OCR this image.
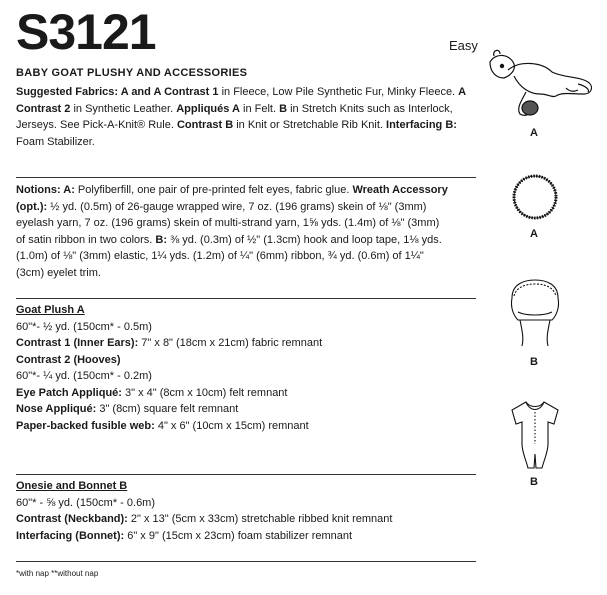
S3121	Easy
BABY GOAT PLUSHY AND ACCESSORIES
Suggested Fabrics: A and A Contrast 1 in Fleece, Low Pile Synthetic Fur, Minky Fleece. A
Contrast 2 in Synthetic Leather. Appliqués A in Felt. B in Stretch Knits such as Interlock,
Jerseys. See Pick-A-Knit® Rule. Contrast B in Knit or Stretchable Rib Knit. Interfacing B:
Foam Stabilizer.
Notions: A: Polyfiberfill, one pair of pre-printed felt eyes, fabric glue. Wreath Accessory
(opt.): ½ yd. (0.5m) of 26-gauge wrapped wire, 7 oz. (196 grams) skein of ⅛" (3mm)
eyelash yarn, 7 oz. (196 grams) skein of multi-strand yarn, 1⅝ yds. (1.4m) of ⅛" (3mm)
of satin ribbon in two colors. B: ⅜ yd. (0.3m) of ½" (1.3cm) hook and loop tape, 1⅛ yds.
(1.0m) of ⅛" (3mm) elastic, 1¼ yds. (1.2m) of ¼" (6mm) ribbon, ¾ yd. (0.6m) of 1¼"
(3cm) eyelet trim.
Goat Plush A
60"*- ½ yd. (150cm* - 0.5m)
Contrast 1 (Inner Ears): 7" x 8" (18cm x 21cm) fabric remnant
Contrast 2 (Hooves)
60"*- ¼ yd. (150cm* - 0.2m)
Eye Patch Appliqué: 3" x 4" (8cm x 10cm) felt remnant
Nose Appliqué: 3" (8cm) square felt remnant
Paper-backed fusible web: 4" x 6" (10cm x 15cm) remnant
Onesie and Bonnet B
60"* - ⅝ yd. (150cm* - 0.6m)
Contrast (Neckband): 2" x 13" (5cm x 33cm) stretchable ribbed knit remnant
Interfacing (Bonnet): 6" x 9" (15cm x 23cm) foam stabilizer remnant
*with nap **without nap
A
A
B
B
